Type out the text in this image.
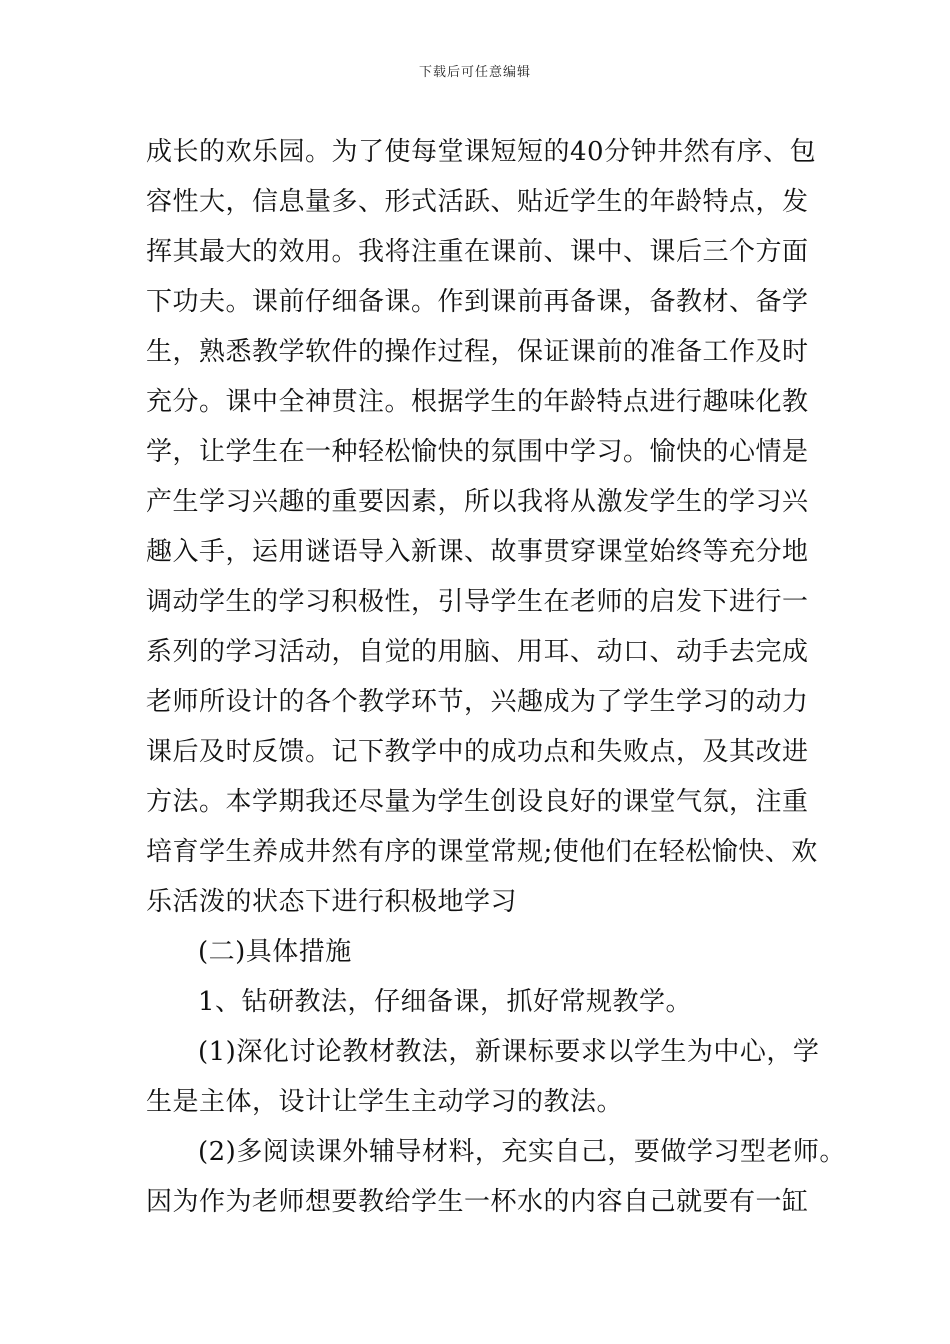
下载后可任意编辑
成长的欢乐园。为了使每堂课短短的40分钟井然有序、包
容性大，信息量多、形式活跃、贴近学生的年龄特点，发
挥其最大的效用。我将注重在课前、课中、课后三个方面
下功夫。课前仔细备课。作到课前再备课，备教材、备学
生，熟悉教学软件的操作过程，保证课前的准备工作及时
充分。课中全神贯注。根据学生的年龄特点进行趣味化教
学，让学生在一种轻松愉快的氛围中学习。愉快的心情是
产生学习兴趣的重要因素，所以我将从激发学生的学习兴
趣入手，运用谜语导入新课、故事贯穿课堂始终等充分地
调动学生的学习积极性，引导学生在老师的启发下进行一
系列的学习活动，自觉的用脑、用耳、动口、动手去完成
老师所设计的各个教学环节，兴趣成为了学生学习的动力
课后及时反馈。记下教学中的成功点和失败点，及其改进
方法。本学期我还尽量为学生创设良好的课堂气氛，注重
培育学生养成井然有序的课堂常规;使他们在轻松愉快、欢
乐活泼的状态下进行积极地学习
(二)具体措施
1、钻研教法，仔细备课，抓好常规教学。
(1)深化讨论教材教法，新课标要求以学生为中心，学
生是主体，设计让学生主动学习的教法。
(2)多阅读课外辅导材料，充实自己，要做学习型老师。
因为作为老师想要教给学生一杯水的内容自己就要有一缸
